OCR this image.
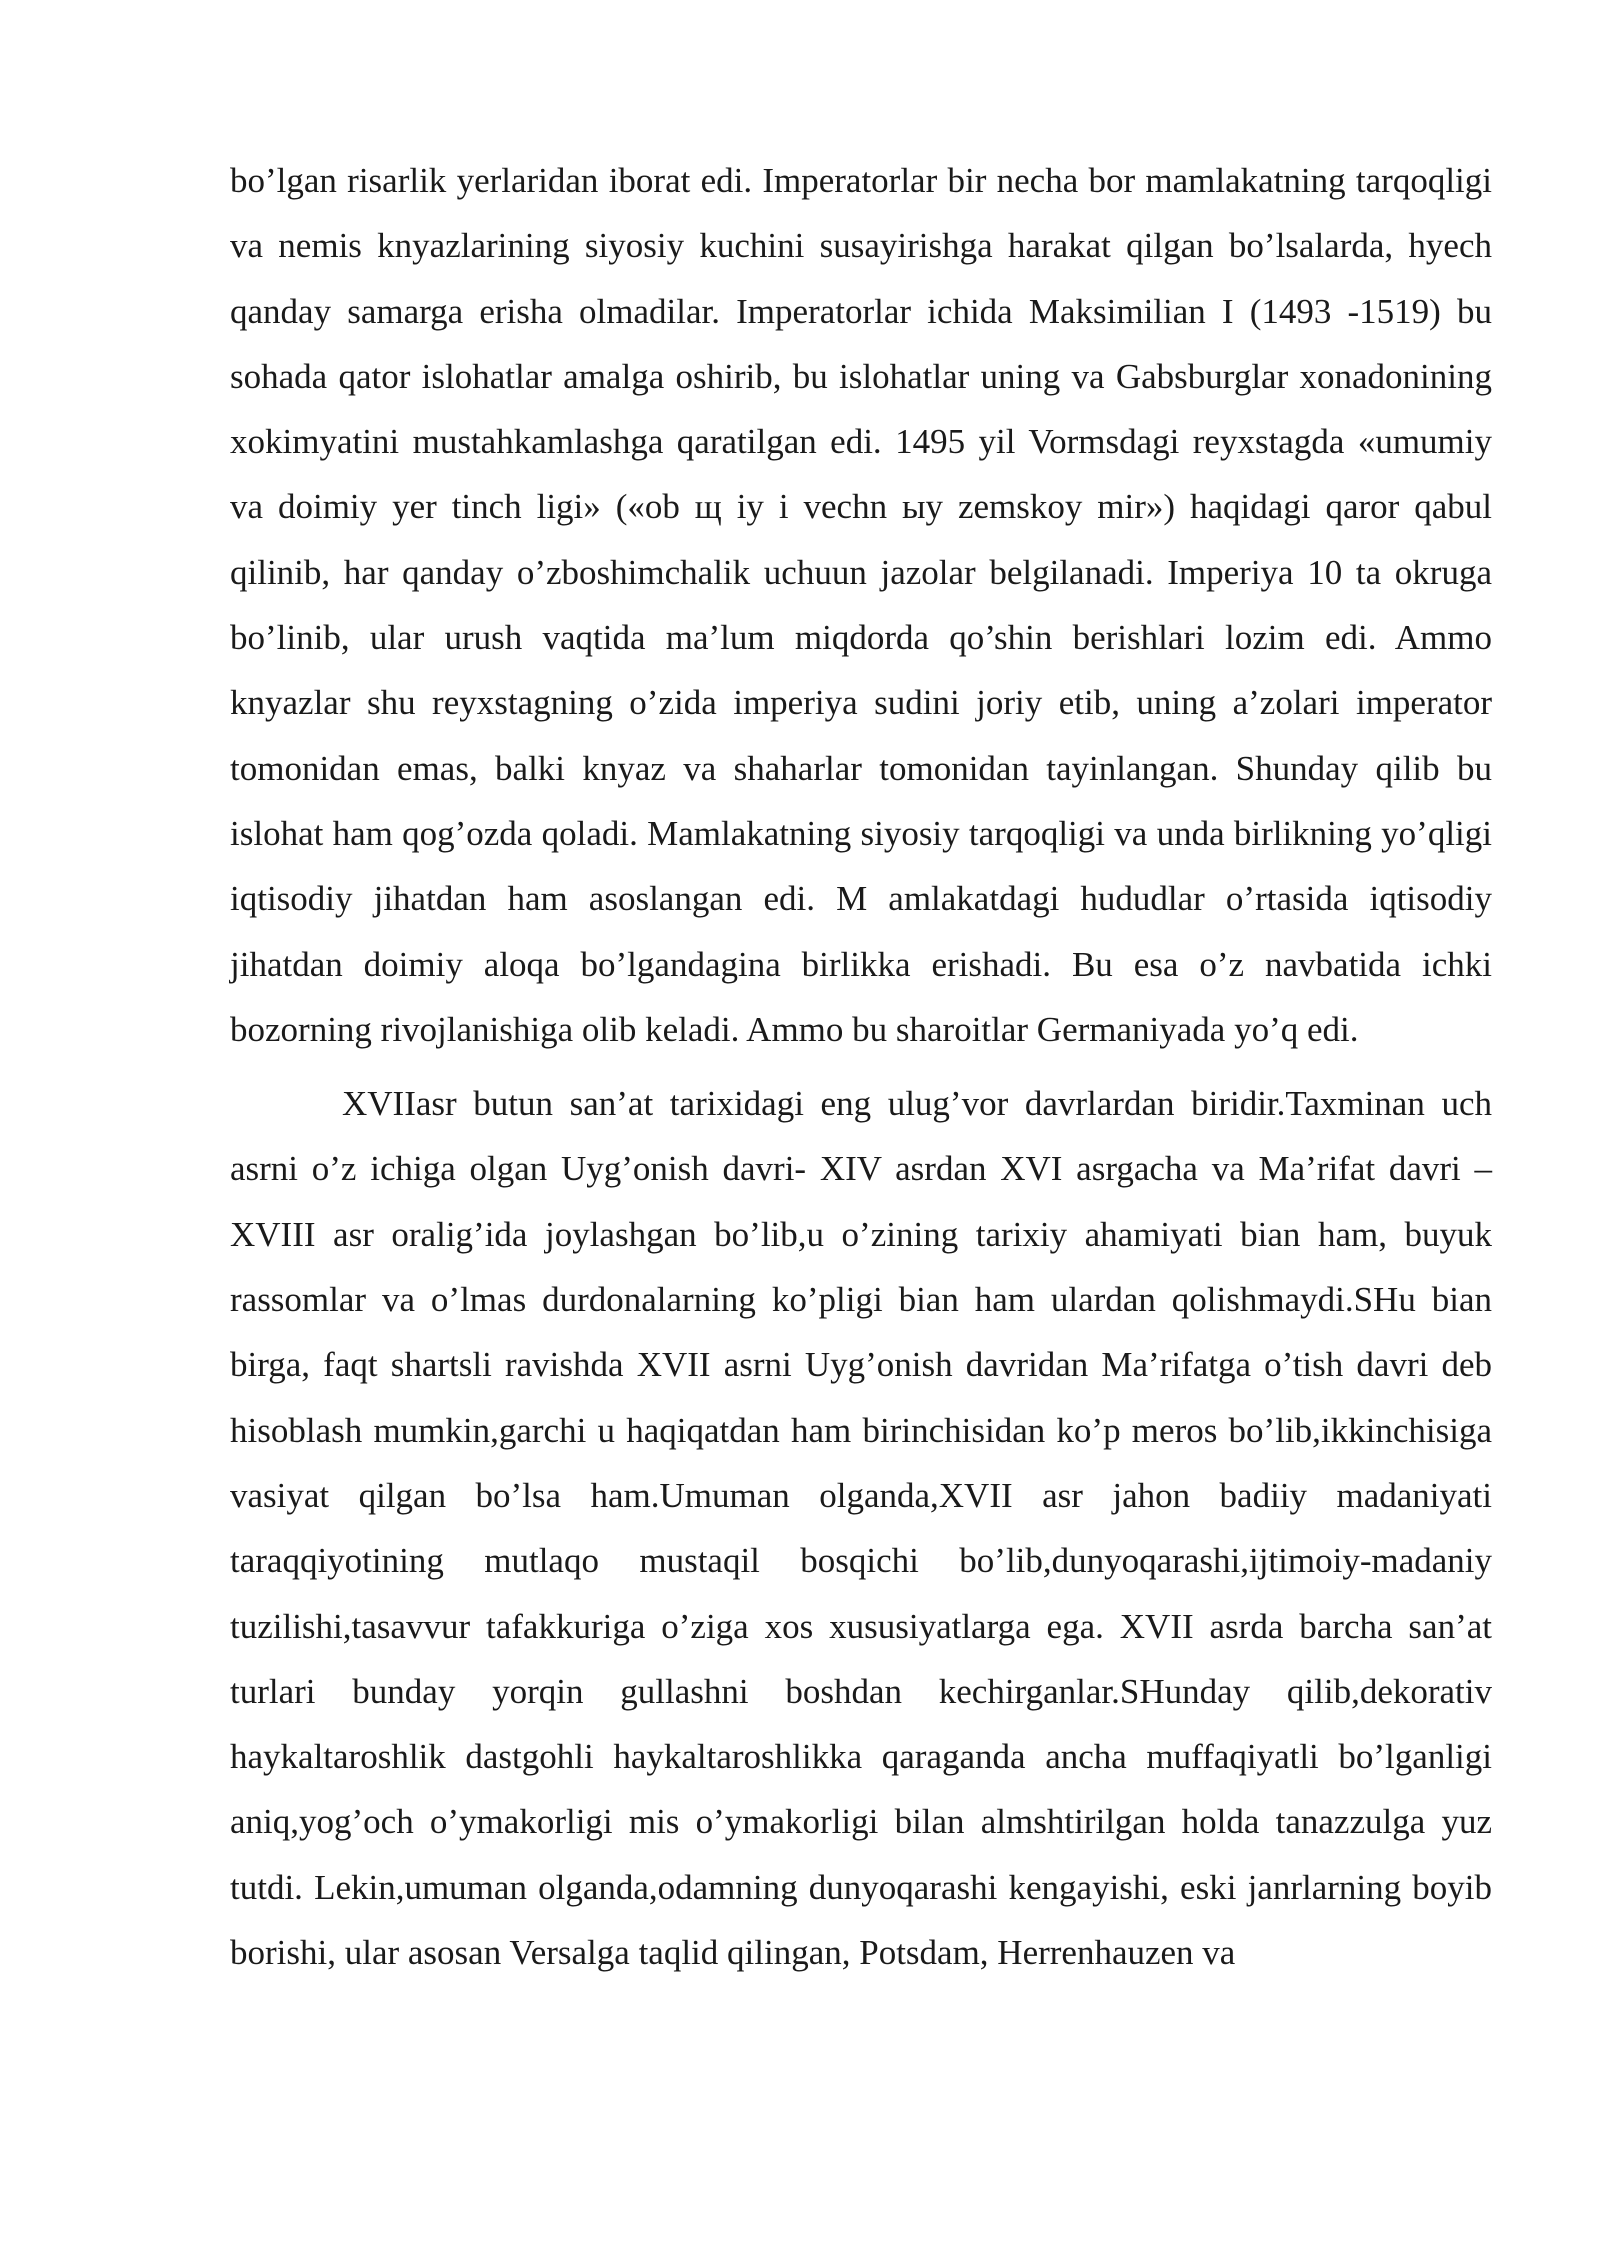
bo’lgan risarlik yerlaridan iborat edi. Imperatorlar bir necha bor mamlakatning tarqoqligi va nemis knyazlarining siyosiy kuchini susayirishga harakat qilgan bo’lsalarda, hyech qanday samarga erisha olmadilar. Imperatorlar ichida Maksimilian I (1493 -1519) bu sohada qator islohatlar amalga oshirib, bu islohatlar uning va Gabsburglar xonadonining xokimyatini mustahkamlashga qaratilgan edi. 1495 yil Vormsdagi reyxstagda «umumiy va doimiy yer tinch ligi» («ob щ iy i vechn ыy zemskoy mir») haqidagi qaror qabul qilinib, har qanday o’zboshimchalik uchuun jazolar belgilanadi. Imperiya 10 ta okruga bo’linib, ular urush vaqtida ma’lum miqdorda qo’shin berishlari lozim edi. Ammo knyazlar shu reyxstagning o’zida imperiya sudini joriy etib, uning a’zolari imperator tomonidan emas, balki knyaz va shaharlar tomonidan tayinlangan. Shunday qilib bu islohat ham qog’ozda qoladi. Mamlakatning siyosiy tarqoqligi va unda birlikning yo’qligi iqtisodiy jihatdan ham asoslangan edi. M amlakatdagi hududlar o’rtasida iqtisodiy jihatdan doimiy aloqa bo’lgandagina birlikka erishadi. Bu esa o’z navbatida ichki bozorning rivojlanishiga olib keladi. Ammo bu sharoitlar Germaniyada yo’q edi.

XVIIasr butun san’at tarixidagi eng ulug’vor davrlardan biridir.Taxminan uch asrni o’z ichiga olgan Uyg’onish davri- XIV asrdan XVI asrgacha va Ma’rifat davri – XVIII asr oralig’ida joylashgan bo’lib,u o’zining tarixiy ahamiyati bian ham, buyuk rassomlar va o’lmas durdonalarning ko’pligi bian ham ulardan qolishmaydi.SHu bian birga, faqt shartsli ravishda XVII asrni Uyg’onish davridan Ma’rifatga o’tish davri deb hisoblash mumkin,garchi u haqiqatdan ham birinchisidan ko’p meros bo’lib,ikkinchisiga vasiyat qilgan bo’lsa ham.Umuman olganda,XVII asr jahon badiiy madaniyati taraqqiyotining mutlaqo mustaqil bosqichi bo’lib,dunyoqarashi,ijtimoiy-madaniy tuzilishi,tasavvur tafakkuriga o’ziga xos xususiyatlarga ega. XVII asrda barcha san’at turlari bunday yorqin gullashni boshdan kechirganlar.SHunday qilib,dekorativ haykaltaroshlik dastgohli haykaltaroshlikka qaraganda ancha muffaqiyatli bo’lganligi aniq,yog’och o’ymakorligi mis o’ymakorligi bilan almshtirilgan holda tanazzulga yuz tutdi. Lekin,umuman olganda,odamning dunyoqarashi kengayishi, eski janrlarning boyib borishi, ular asosan Versalga taqlid qilingan, Potsdam, Herrenhauzen va
